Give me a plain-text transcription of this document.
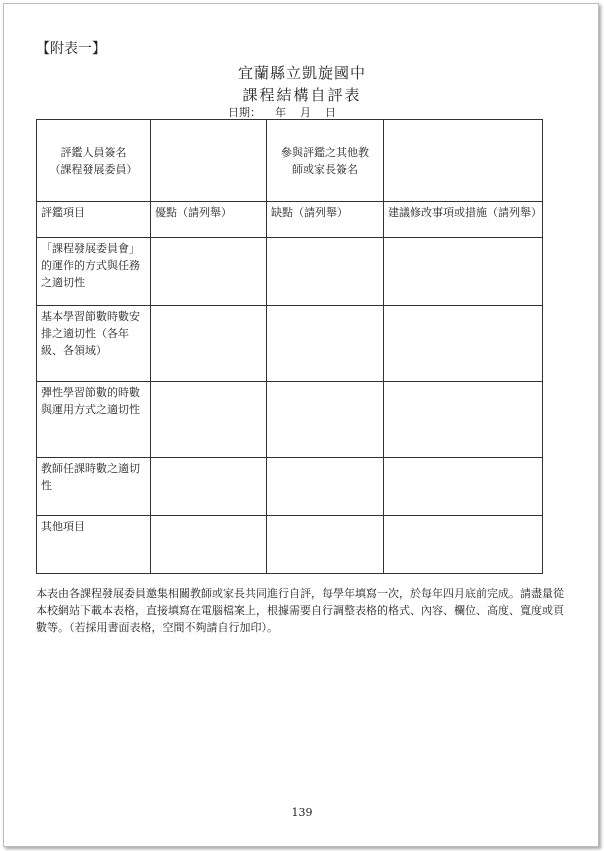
【附表一】
宜蘭縣立凱旋國中
課程結構自評表
日期：    年    月    日
評鑑人員簽名
（課程發展委員）		參與評鑑之其他教
師或家長簽名	
評鑑項目	優點（請列舉）	缺點（請列舉）	建議修改事項或措施（請列舉）
「課程發展委員會」的運作的方式與任務之適切性			
基本學習節數時數安排之適切性（各年級、各領域）			
彈性學習節數的時數與運用方式之適切性			
教師任課時數之適切性			
其他項目			
本表由各課程發展委員邀集相關教師或家長共同進行自評，每學年填寫一次，於每年四月底前完成。請盡量從本校網站下載本表格，直接填寫在電腦檔案上，根據需要自行調整表格的格式、內容、欄位、高度、寬度或頁數等。（若採用書面表格，空間不夠請自行加印）。
139
